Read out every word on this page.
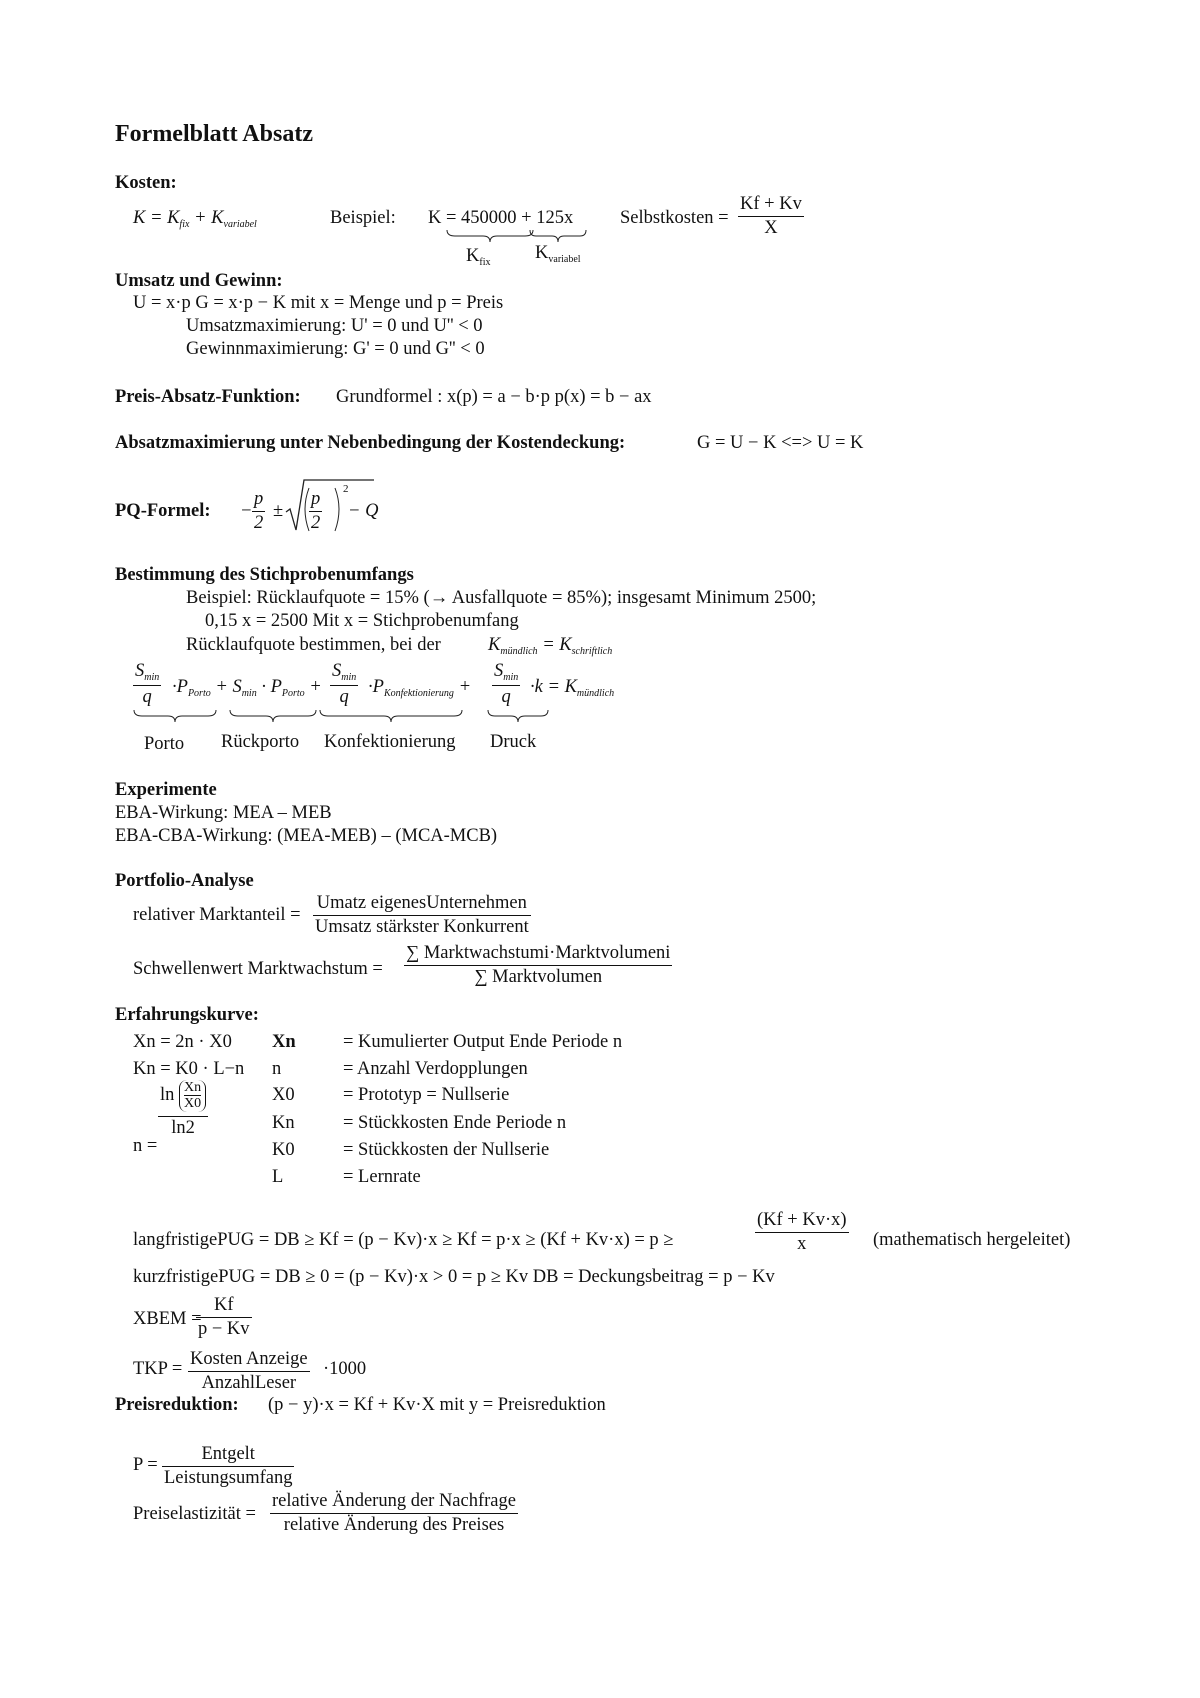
Formelblatt Absatz
Kosten:
$K = K_{fix} + K_{variabel}$	Beispiel: K = 450000 + 125x
$K_{fix}$ $K_{variabel}$
Selbstkosten = $\frac{Kf + Kv}{X}$
Umsatz und Gewinn:
U = x·p G = x·p − K mit x = Menge und p = Preis
Umsatzmaximierung: U' = 0 und U'' < 0
Gewinnmaximierung: G' = 0 und G'' < 0
Preis-Absatz-Funktion: Grundformel : x(p) = a − b·p p(x) = b − ax
Absatzmaximierung unter Nebenbedingung der Kostendeckung:	G = U − K <=> U = K
PQ-Formel: − $\frac{p}{2} \pm \frac{p}{2}$
2
− Q
Bestimmung des Stichprobenumfangs
Beispiel: Rücklaufquote = 15% (→ Ausfallquote = 85%); insgesamt Minimum 2500;
0,15 x = 2500 Mit x = Stichprobenumfang
Rücklaufquote bestimmen, bei der	$K_{mündlich} = K_{schriftlich}$
$S_{min}$
q	$\cdot P_{Porto} + S_{min} \cdot P_{Porto}$ +
$S_{min}$
q	$\cdot P_{Konfektionierung}$ +
$S_{min}$
q	$\cdot k = K_{mündlich}$
Porto Rückporto Konfektionierung Druck
Experimente
EBA-Wirkung: MEA – MEB
EBA-CBA-Wirkung: (MEA-MEB) – (MCA-MCB)
Portfolio-Analyse
relativer Marktanteil =
Umatz eigenesUnternehmen
Umsatz stärkster Konkurrent
Schwellenwert Marktwachstum =
∑ Marktwachstumi·Marktvolumeni
∑ Marktvolumen
Erfahrungskurve:
Xn = 2n · X0
Kn = K0 · L−n
n =
$\frac{\ln \frac{Xn}{X0}}{\ln 2}$
Xn	= Kumulierter Output Ende Periode n
n	= Anzahl Verdopplungen
X0	= Prototyp = Nullserie
Kn	= Stückkosten Ende Periode n
K0	= Stückkosten der Nullserie
L	= Lernrate
langfristigePUG = DB ≥ Kf = (p − Kv)·x ≥ Kf = p·x ≥ (Kf + Kv·x) = p ≥	$\frac{(Kf + Kv\cdot x)}{x}$ (mathematisch hergeleitet)
kurzfristigePUG = DB ≥ 0 = (p − Kv)·x > 0 = p ≥ Kv DB = Deckungsbeitrag = p − Kv
XBEM =
$\frac{Kf}{p - Kv}$
TKP = Kosten Anzeige
AnzahlLeser
·1000
Preisreduktion: (p − y)·x = Kf + Kv·X mit y = Preisreduktion
P =
Entgelt
Leistungsumfang
Preiselastizität =
relative Änderung der Nachfrage
relative Änderung des Preises
